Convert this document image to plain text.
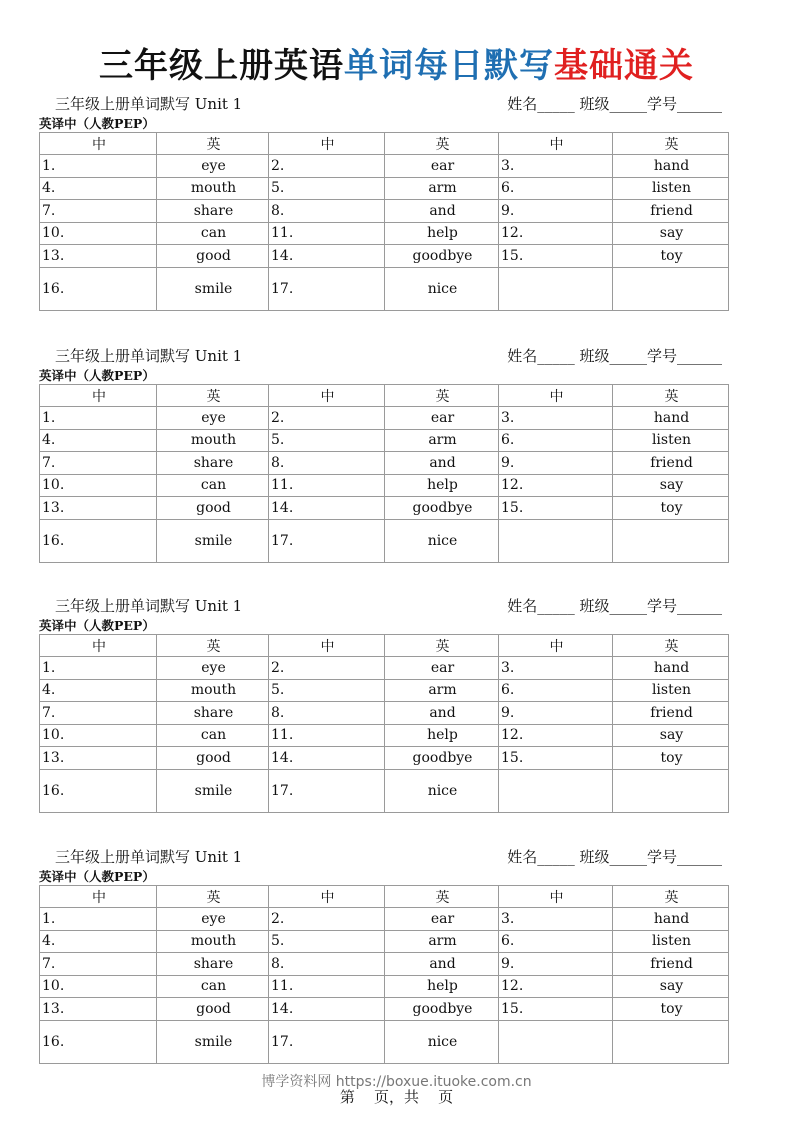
三年级上册英语单词每日默写基础通关
三年级上册单词默写 Unit 1	姓名_____ 班级_____学号______
英译中（人教PEP）
中	英	中	英	中	英
1.	eye	2.	ear	3.	hand
4.	mouth	5.	arm	6.	listen
7.	share	8.	and	9.	friend
10.	can	11.	help	12.	say
13.	good	14.	goodbye	15.	toy
16.	smile	17.	nice		
三年级上册单词默写 Unit 1	姓名_____ 班级_____学号______
英译中（人教PEP）
中	英	中	英	中	英
1.	eye	2.	ear	3.	hand
4.	mouth	5.	arm	6.	listen
7.	share	8.	and	9.	friend
10.	can	11.	help	12.	say
13.	good	14.	goodbye	15.	toy
16.	smile	17.	nice		
三年级上册单词默写 Unit 1	姓名_____ 班级_____学号______
英译中（人教PEP）
中	英	中	英	中	英
1.	eye	2.	ear	3.	hand
4.	mouth	5.	arm	6.	listen
7.	share	8.	and	9.	friend
10.	can	11.	help	12.	say
13.	good	14.	goodbye	15.	toy
16.	smile	17.	nice		
三年级上册单词默写 Unit 1	姓名_____ 班级_____学号______
英译中（人教PEP）
中	英	中	英	中	英
1.	eye	2.	ear	3.	hand
4.	mouth	5.	arm	6.	listen
7.	share	8.	and	9.	friend
10.	can	11.	help	12.	say
13.	good	14.	goodbye	15.	toy
16.	smile	17.	nice		
博学资料网 https://boxue.ituoke.com.cn
第    页，共    页
